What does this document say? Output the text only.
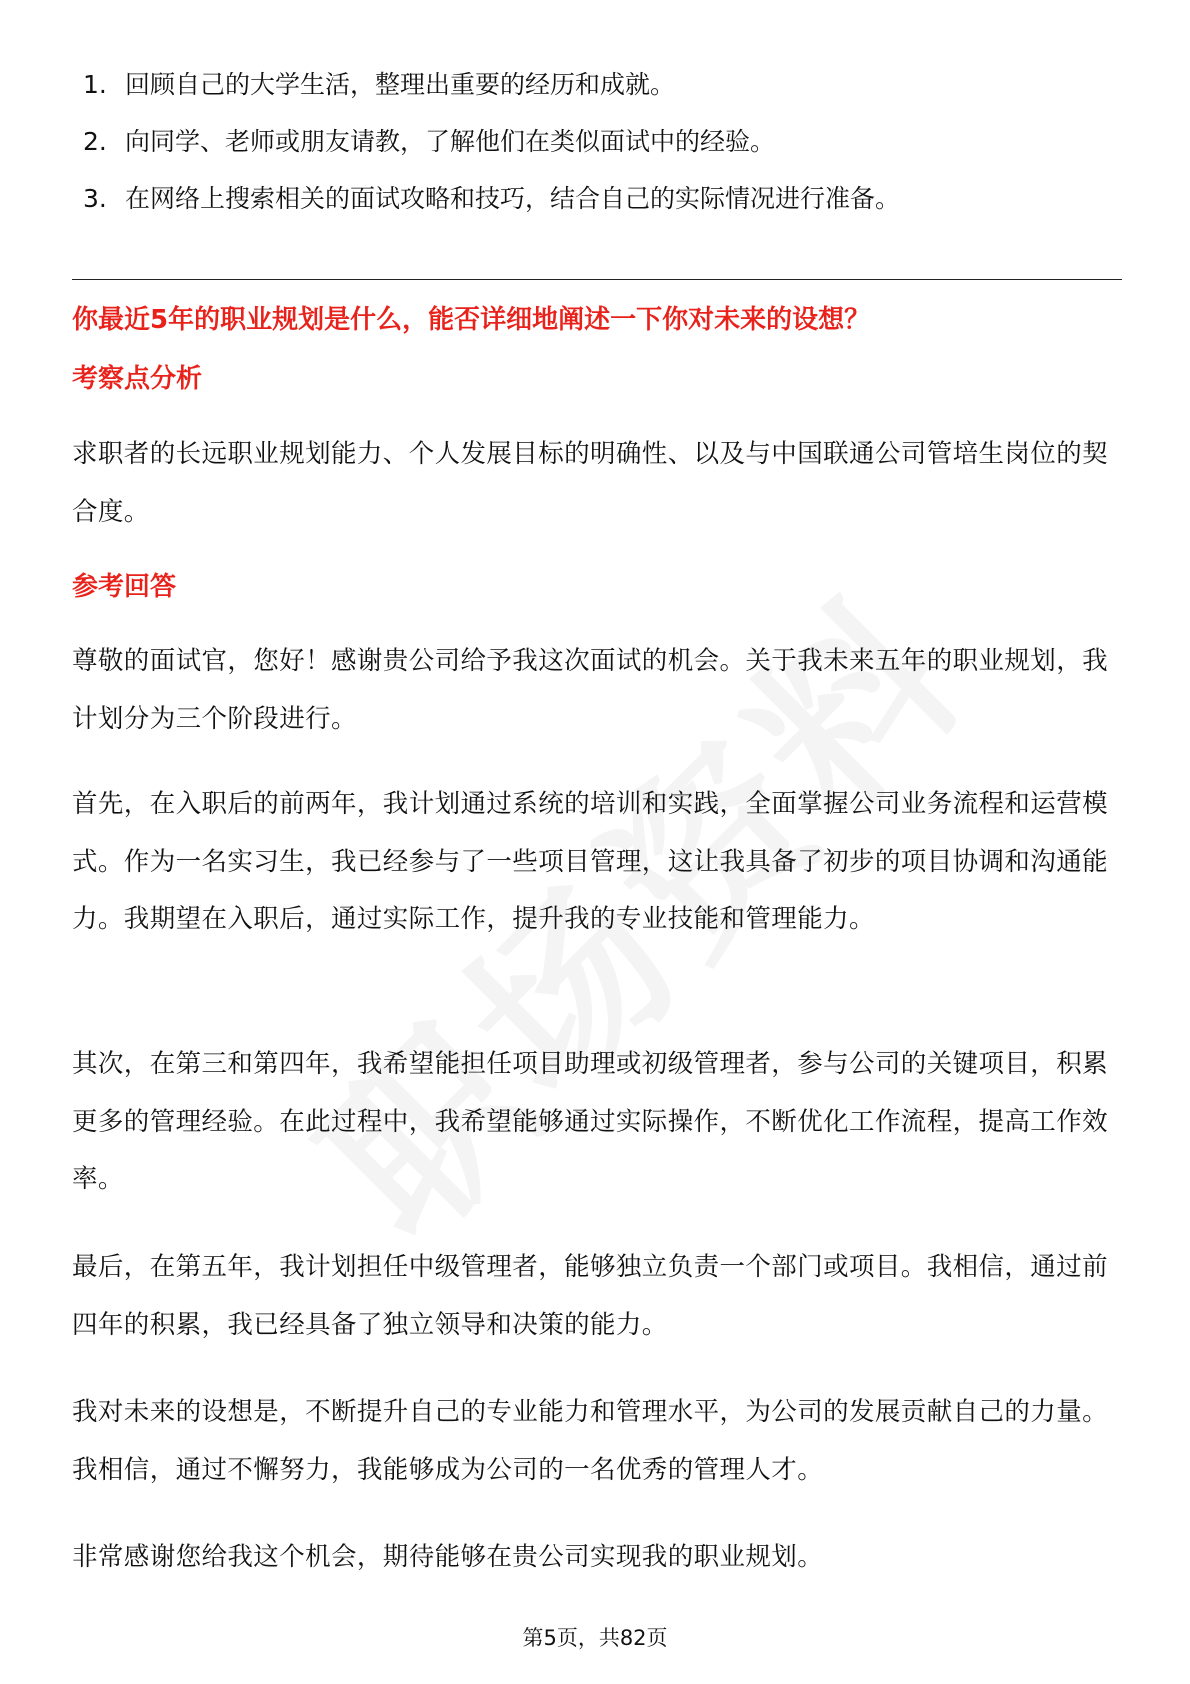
1. 回顾自己的大学生活，整理出重要的经历和成就。
2. 向同学、老师或朋友请教，了解他们在类似面试中的经验。
3. 在网络上搜索相关的面试攻略和技巧，结合自己的实际情况进行准备。
你最近5年的职业规划是什么，能否详细地阐述一下你对未来的设想？
考察点分析

求职者的长远职业规划能力、个人发展目标的明确性、以及与中国联通公司管培生岗位的契合度。

参考回答

尊敬的面试官，您好！感谢贵公司给予我这次面试的机会。关于我未来五年的职业规划，我计划分为三个阶段进行。

首先，在入职后的前两年，我计划通过系统的培训和实践，全面掌握公司业务流程和运营模式。作为一名实习生，我已经参与了一些项目管理，这让我具备了初步的项目协调和沟通能力。我期望在入职后，通过实际工作，提升我的专业技能和管理能力。

其次，在第三和第四年，我希望能担任项目助理或初级管理者，参与公司的关键项目，积累更多的管理经验。在此过程中，我希望能够通过实际操作，不断优化工作流程，提高工作效率。

最后，在第五年，我计划担任中级管理者，能够独立负责一个部门或项目。我相信，通过前四年的积累，我已经具备了独立领导和决策的能力。

我对未来的设想是，不断提升自己的专业能力和管理水平，为公司的发展贡献自己的力量。我相信，通过不懈努力，我能够成为公司的一名优秀的管理人才。

非常感谢您给我这个机会，期待能够在贵公司实现我的职业规划。

第5页，共82页
